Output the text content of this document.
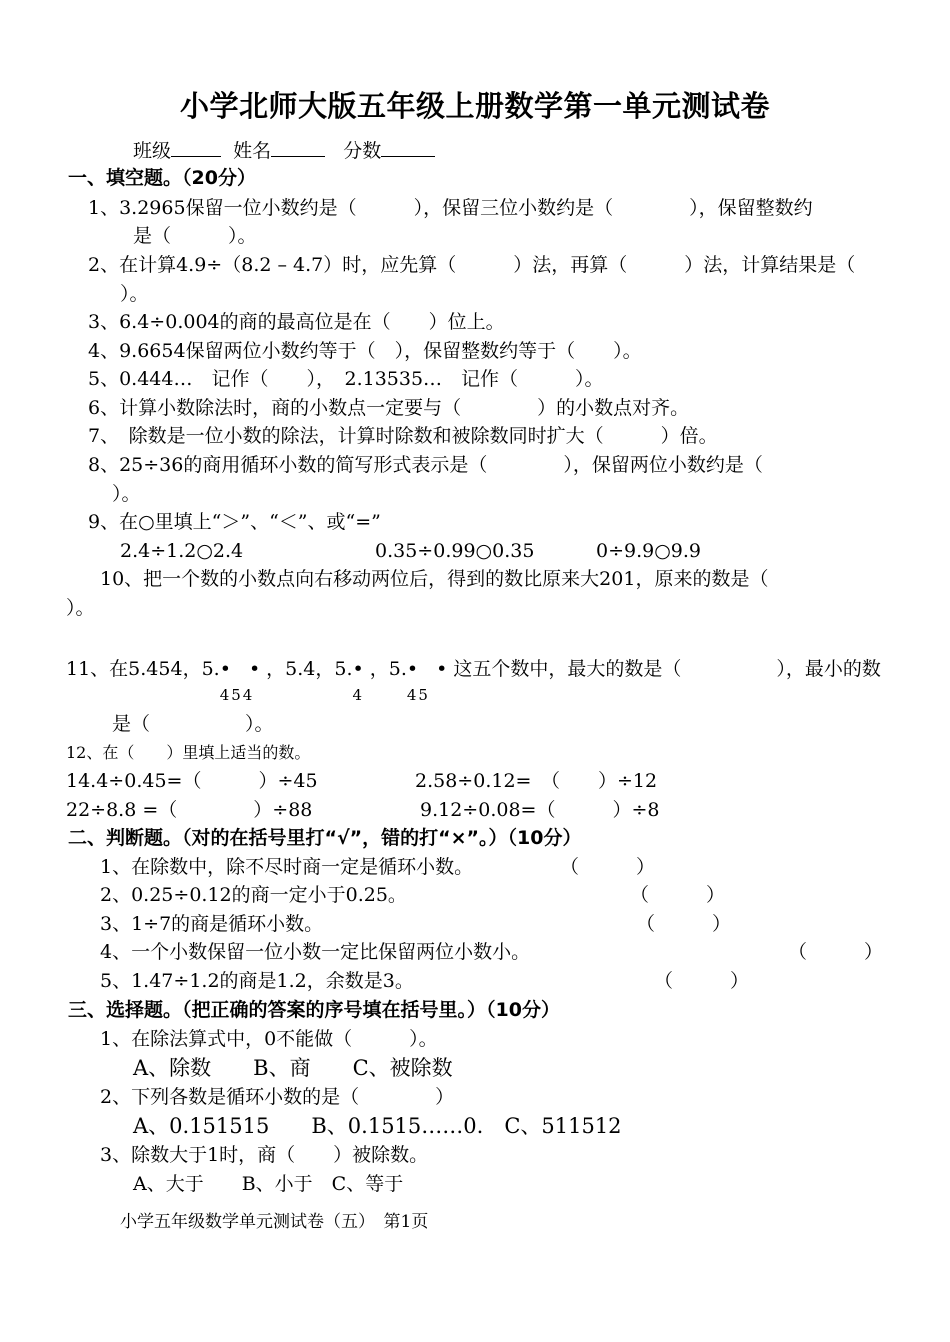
小学北师大版五年级上册数学第一单元测试卷
班级	姓名	分数
一、填空题。（20分）
1、3.2965保留一位小数约是（　　　），保留三位小数约是（　　　　），保留整数约
是（　　　）。
2、在计算4.9÷（8.2 – 4.7）时，应先算（　　　）法，再算（　　　）法，计算结果是（
）。
3、6.4÷0.004的商的最高位是在（　　）位上。
4、9.6654保留两位小数约等于（　），保留整数约等于（　　）。
5、0.444…　记作（　　），　2.13535…　记作（　　　）。
6、计算小数除法时，商的小数点一定要与（　　　　）的小数点对齐。
7、　除数是一位小数的除法，计算时除数和被除数同时扩大（　　　）倍。
8、25÷36的商用循环小数的简写形式表示是（　　　　），保留两位小数约是（
）。
9、在○里填上“＞”、“＜”、或“=”
2.4÷1.2○2.4	0.35÷0.99○0.35	0÷9.9○9.9
10、把一个数的小数点向右移动两位后，得到的数比原来大201，原来的数是（
）。
11、在5.454，5.• •
454
，5.4，5.•
4
，5.• •
45
这五个数中，最大的数是（　　　　　），最小的数
是（　　　　　）。
12、在（　　）里填上适当的数。
14.4÷0.45=（　　　）÷45	2.58÷0.12=　（　　）÷12
22÷8.8 =（　　　　）÷88	9.12÷0.08=（　　　）÷8
二、判断题。（对的在括号里打“√”，错的打“×”。）（10分）
1、在除数中，除不尽时商一定是循环小数。	（　　　）
2、0.25÷0.12的商一定小于0.25。	（　　　）
3、1÷7的商是循环小数。	（　　　）
4、一个小数保留一位小数一定比保留两位小数小。	（　　　）
5、1.47÷1.2的商是1.2，余数是3。	（　　　）
三、选择题。（把正确的答案的序号填在括号里。）（10分）
1、在除法算式中，0不能做（　　　）。
A、除数　　B、商　　C、被除数
2、下列各数是循环小数的是（　　　　）
A、0.151515　　B、0.1515……0.　C、511512
3、除数大于1时，商（　　）被除数。
A、大于　　B、小于　C、等于
小学五年级数学单元测试卷（五）　第1页
